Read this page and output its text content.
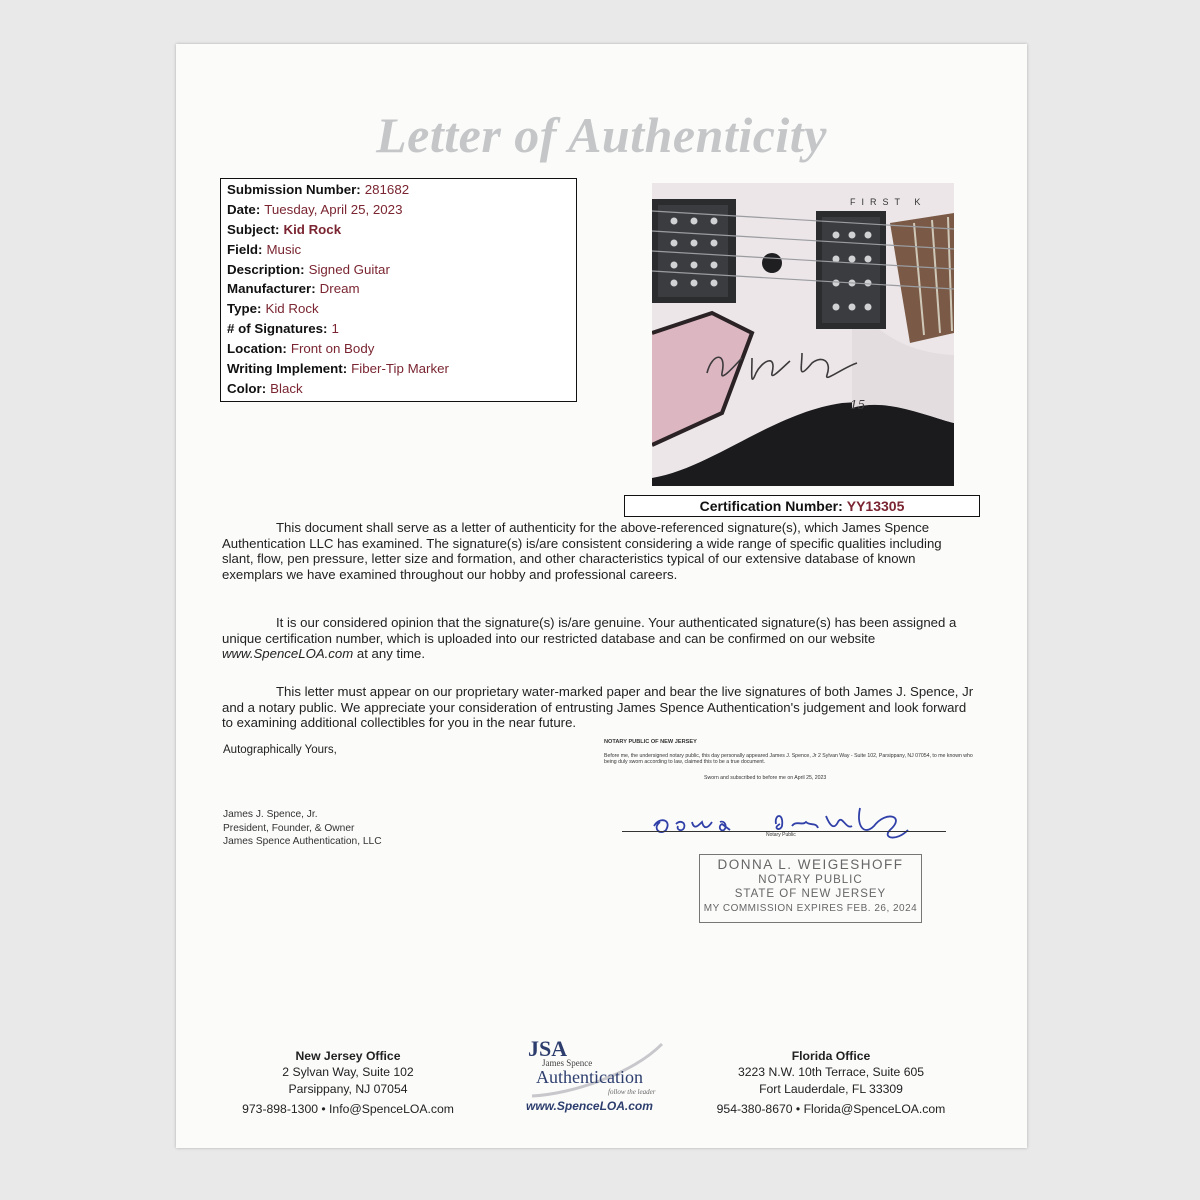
Letter of Authenticity
Submission Number: 281682
Date: Tuesday, April 25, 2023
Subject: Kid Rock
Field: Music
Description: Signed Guitar
Manufacturer: Dream
Type: Kid Rock
# of Signatures: 1
Location: Front on Body
Writing Implement: Fiber-Tip Marker
Color: Black
FIRST K
15
Certification Number: YY13305
This document shall serve as a letter of authenticity for the above-referenced signature(s), which James Spence Authentication LLC has examined. The signature(s) is/are consistent considering a wide range of specific qualities including slant, flow, pen pressure, letter size and formation, and other characteristics typical of our extensive database of known exemplars we have examined throughout our hobby and professional careers.
It is our considered opinion that the signature(s) is/are genuine. Your authenticated signature(s) has been assigned a unique certification number, which is uploaded into our restricted database and can be confirmed on our website www.SpenceLOA.com at any time.
This letter must appear on our proprietary water-marked paper and bear the live signatures of both James J. Spence, Jr and a notary public. We appreciate your consideration of entrusting James Spence Authentication's judgement and look forward to examining additional collectibles for you in the near future.
Autographically Yours,
James J. Spence, Jr.
President, Founder, & Owner
James Spence Authentication, LLC
NOTARY PUBLIC OF NEW JERSEY
Before me, the undersigned notary public, this day personally appeared James J. Spence, Jr 2 Sylvan Way - Suite 102, Parsippany, NJ 07054, to me known who being duly sworn according to law, claimed this to be a true document.
Sworn and subscribed to before me on April 25, 2023
Notary Public
DONNA L. WEIGESHOFF
NOTARY PUBLIC
STATE OF NEW JERSEY
MY COMMISSION EXPIRES FEB. 26, 2024
New Jersey Office
2 Sylvan Way, Suite 102
Parsippany, NJ 07054
973-898-1300 • Info@SpenceLOA.com
JSA
James Spence
Authentication
follow the leader
www.SpenceLOA.com
Florida Office
3223 N.W. 10th Terrace, Suite 605
Fort Lauderdale, FL 33309
954-380-8670 • Florida@SpenceLOA.com
